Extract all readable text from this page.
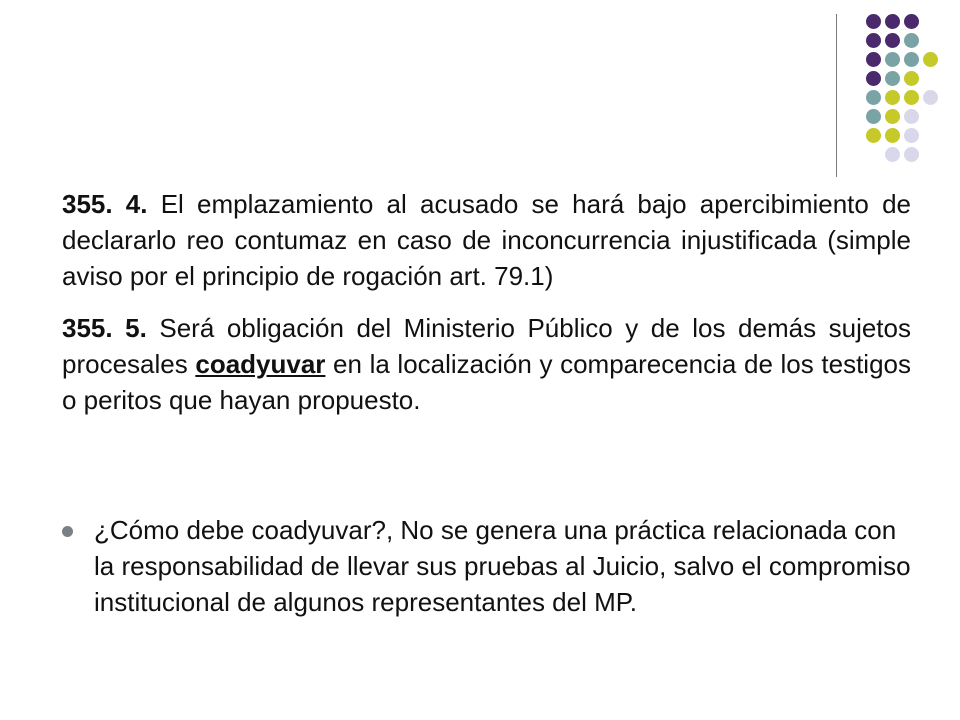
355. 4. El emplazamiento al acusado se hará bajo apercibimiento de declararlo reo contumaz en caso de inconcurrencia injustificada (simple aviso por el principio de rogación art. 79.1)

355. 5. Será obligación del Ministerio Público y de los demás sujetos procesales coadyuvar en la localización y comparecencia de los testigos o peritos que hayan propuesto.

¿Cómo debe coadyuvar?, No se genera una práctica relacionada con la responsabilidad de llevar sus pruebas al Juicio, salvo el compromiso institucional de algunos representantes del MP.
